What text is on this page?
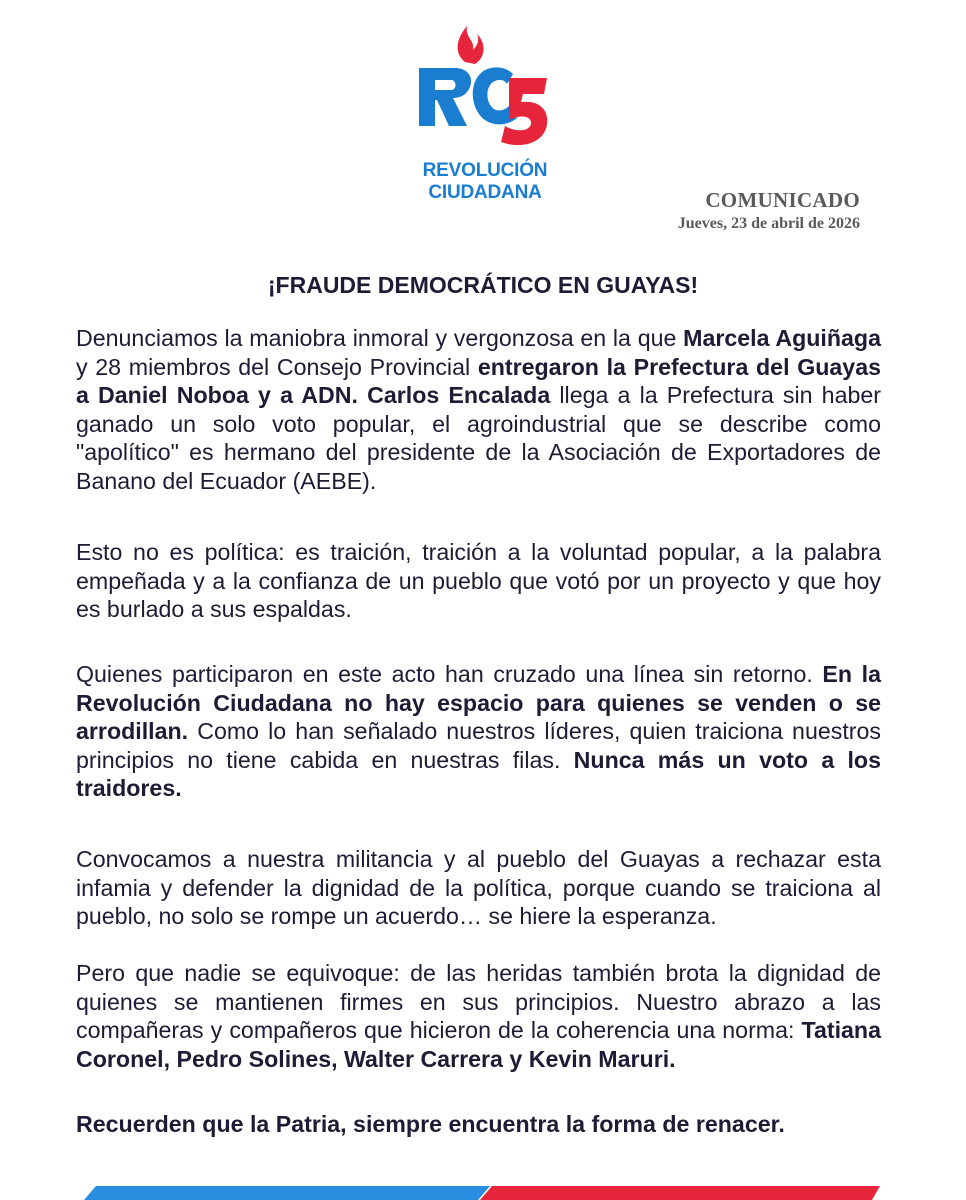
REVOLUCIÓN
CIUDADANA	COMUNICADO
Jueves, 23 de abril de 2026
¡FRAUDE DEMOCRÁTICO EN GUAYAS!
Denunciamos la maniobra inmoral y vergonzosa en la que Marcela Aguiñaga y 28 miembros del Consejo Provincial entregaron la Prefectura del Guayas a Daniel Noboa y a ADN. Carlos Encalada llega a la Prefectura sin haber ganado un solo voto popular, el agroindustrial que se describe como "apolítico" es hermano del presidente de la Asociación de Exportadores de Banano del Ecuador (AEBE).
Esto no es política: es traición, traición a la voluntad popular, a la palabra empeñada y a la confianza de un pueblo que votó por un proyecto y que hoy es burlado a sus espaldas.
Quienes participaron en este acto han cruzado una línea sin retorno. En la Revolución Ciudadana no hay espacio para quienes se venden o se arrodillan. Como lo han señalado nuestros líderes, quien traiciona nuestros principios no tiene cabida en nuestras filas. Nunca más un voto a los traidores.
Convocamos a nuestra militancia y al pueblo del Guayas a rechazar esta infamia y defender la dignidad de la política, porque cuando se traiciona al pueblo, no solo se rompe un acuerdo… se hiere la esperanza.
Pero que nadie se equivoque: de las heridas también brota la dignidad de quienes se mantienen firmes en sus principios. Nuestro abrazo a las compañeras y compañeros que hicieron de la coherencia una norma: Tatiana Coronel, Pedro Solines, Walter Carrera y Kevin Maruri.
Recuerden que la Patria, siempre encuentra la forma de renacer.
